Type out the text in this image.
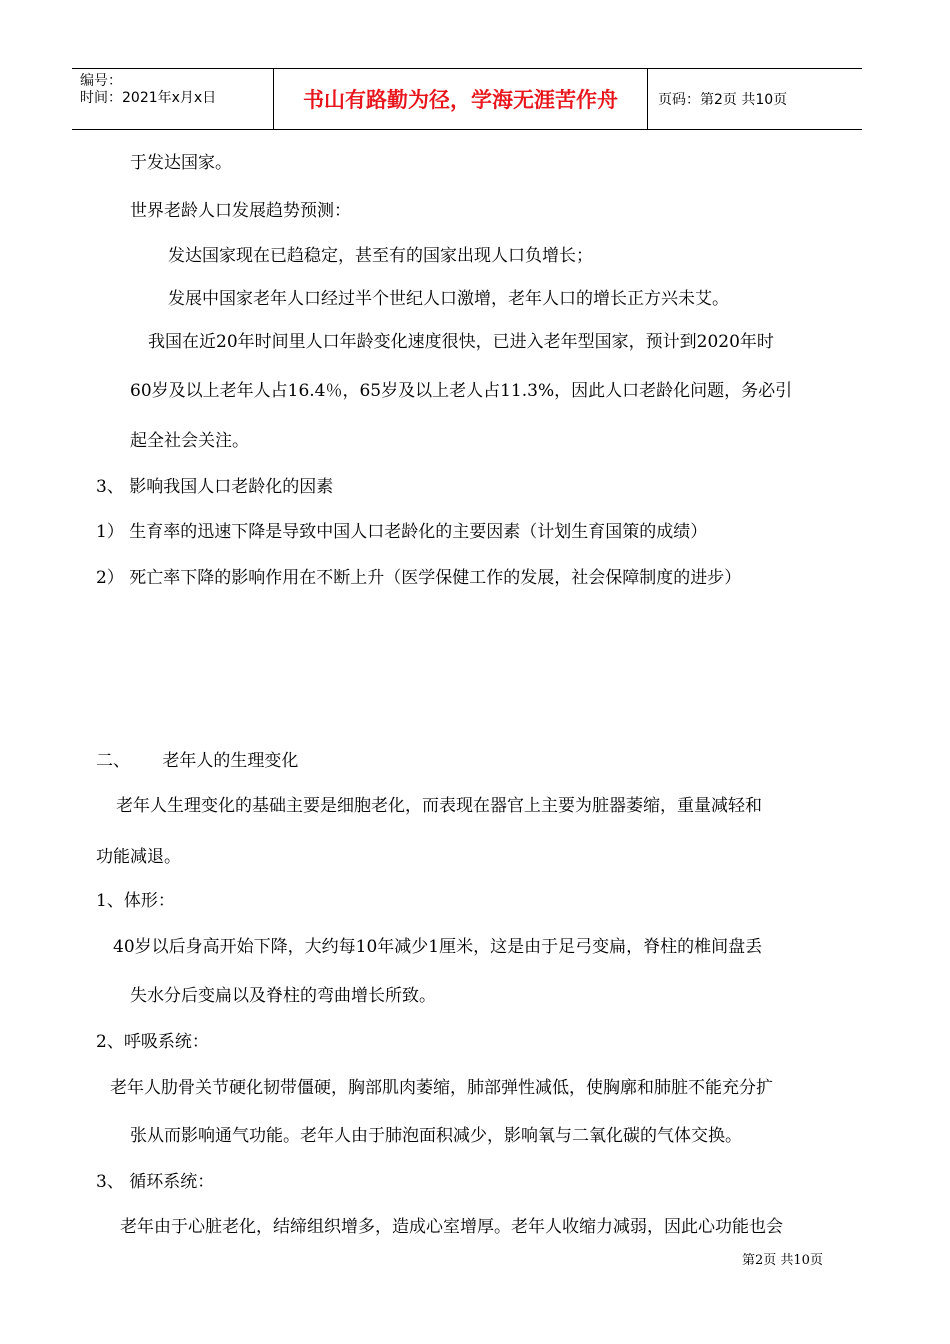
编号：
时间：2021年x月x日	书山有路勤为径，学海无涯苦作舟	页码：第2页 共10页
于发达国家。
世界老龄人口发展趋势预测：
发达国家现在已趋稳定，甚至有的国家出现人口负增长；
发展中国家老年人口经过半个世纪人口激增，老年人口的增长正方兴未艾。
我国在近20年时间里人口年龄变化速度很快，已进入老年型国家，预计到2020年时
60岁及以上老年人占16.4％，65岁及以上老人占11.3%，因此人口老龄化问题，务必引
起全社会关注。
3、 影响我国人口老龄化的因素
1） 生育率的迅速下降是导致中国人口老龄化的主要因素（计划生育国策的成绩）
2） 死亡率下降的影响作用在不断上升（医学保健工作的发展，社会保障制度的进步）
二、      老年人的生理变化
老年人生理变化的基础主要是细胞老化，而表现在器官上主要为脏器萎缩，重量减轻和
功能减退。
1、体形：
40岁以后身高开始下降，大约每10年减少1厘米，这是由于足弓变扁，脊柱的椎间盘丢
失水分后变扁以及脊柱的弯曲增长所致。
2、呼吸系统：
老年人肋骨关节硬化韧带僵硬，胸部肌肉萎缩，肺部弹性减低，使胸廓和肺脏不能充分扩
张从而影响通气功能。老年人由于肺泡面积减少，影响氧与二氧化碳的气体交换。
3、 循环系统：
老年由于心脏老化，结缔组织增多，造成心室增厚。老年人收缩力减弱，因此心功能也会
第2页 共10页
